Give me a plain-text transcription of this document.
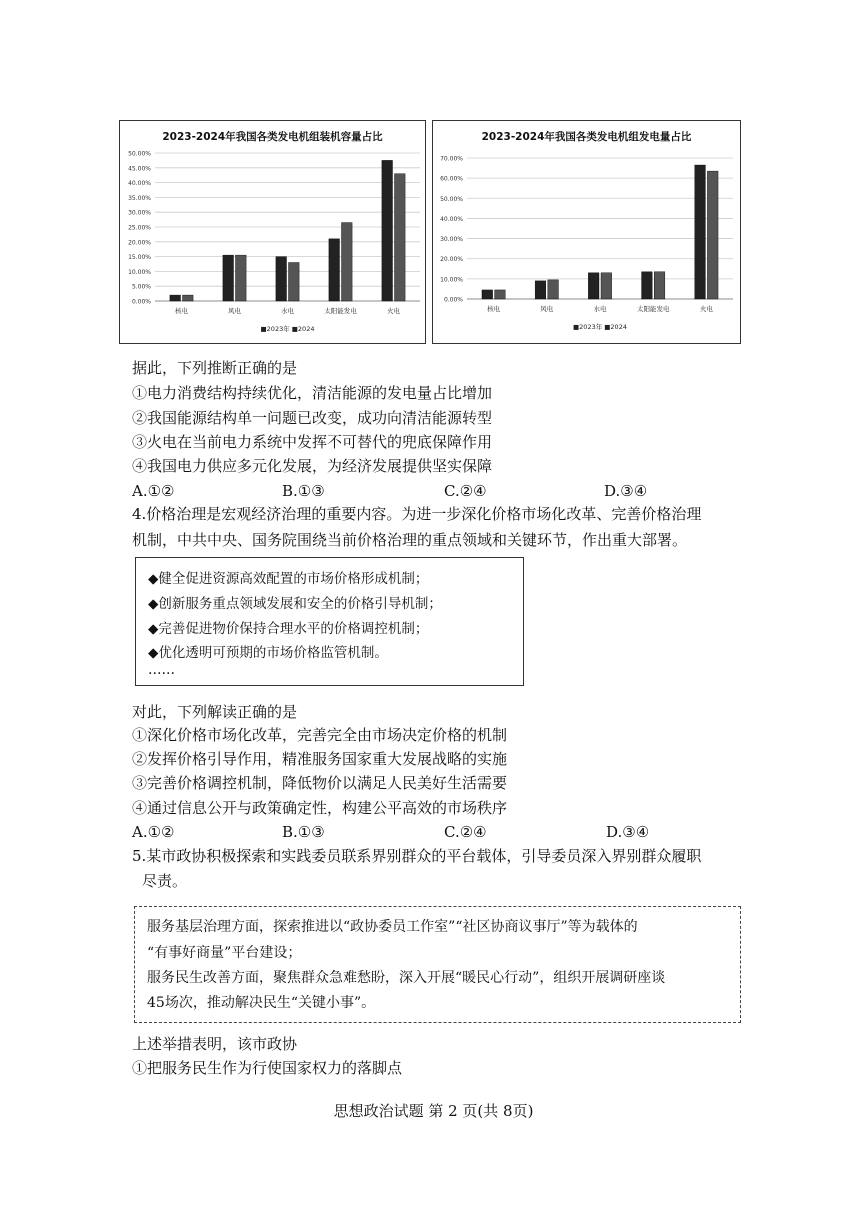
2023-2024年我国各类发电机组装机容量占比
0.00%
5.00%
10.00%
15.00%
20.00%
25.00%
30.00%
35.00%
40.00%
45.00%
50.00%
核电	风电	水电	太阳能发电	火电
■2023年 ■2024
2023-2024年我国各类发电机组发电量占比
0.00%
10.00%
20.00%
30.00%
40.00%
50.00%
60.00%
70.00%
核电	风电	水电	太阳能发电	火电
■2023年 ■2024
据此，下列推断正确的是
①电力消费结构持续优化，清洁能源的发电量占比增加
②我国能源结构单一问题已改变，成功向清洁能源转型
③火电在当前电力系统中发挥不可替代的兜底保障作用
④我国电力供应多元化发展，为经济发展提供坚实保障
A.①②	B.①③	C.②④	D.③④
4.价格治理是宏观经济治理的重要内容。为进一步深化价格市场化改革、完善价格治理
机制，中共中央、国务院围绕当前价格治理的重点领域和关键环节，作出重大部署。
◆健全促进资源高效配置的市场价格形成机制；
◆创新服务重点领域发展和安全的价格引导机制；
◆完善促进物价保持合理水平的价格调控机制；
◆优化透明可预期的市场价格监管机制。
……
对此，下列解读正确的是
①深化价格市场化改革，完善完全由市场决定价格的机制
②发挥价格引导作用，精准服务国家重大发展战略的实施
③完善价格调控机制，降低物价以满足人民美好生活需要
④通过信息公开与政策确定性，构建公平高效的市场秩序
A.①②	B.①③	C.②④	D.③④
5.某市政协积极探索和实践委员联系界别群众的平台载体，引导委员深入界别群众履职
尽责。
服务基层治理方面，探索推进以“政协委员工作室”“社区协商议事厅”等为载体的
“有事好商量”平台建设；
服务民生改善方面，聚焦群众急难愁盼，深入开展“暖民心行动”，组织开展调研座谈
45场次，推动解决民生“关键小事”。
上述举措表明，该市政协
①把服务民生作为行使国家权力的落脚点
思想政治试题 第 2 页(共 8页)
